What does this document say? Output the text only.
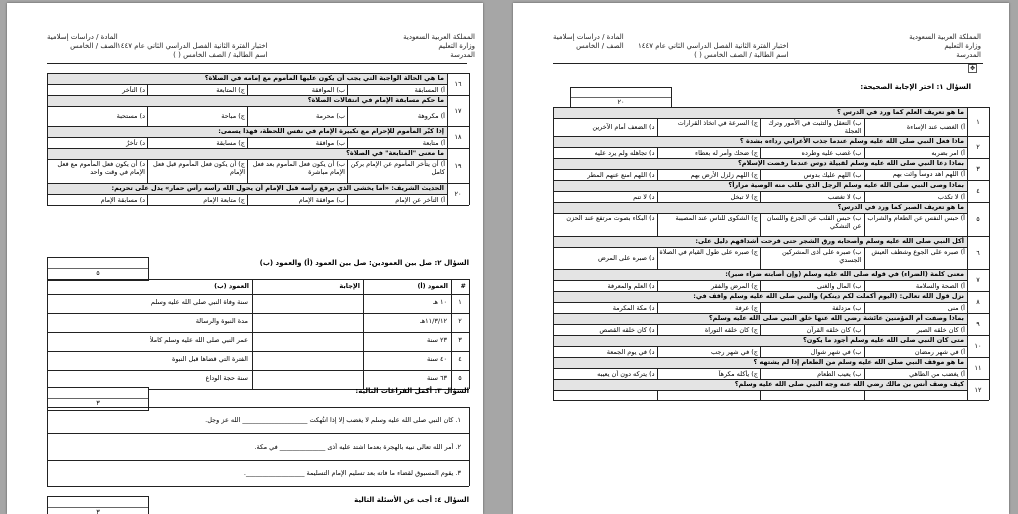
المملكة العربية السعودية
وزارة التعليم
المدرسة
اختبار الفترة الثانية الفصل الدراسي الثاني عام ١٤٤٧
اسم الطالبة / الصف الخامس ( )
المادة / دراسات إسلامية
الصف / الخامس
١٦
ما هي الحالة الواجبة التي يجب أن يكون عليها المأموم مع إمامه في الصلاة؟
أ) المسابقة
ب) الموافقة
ج) المتابعة
د) التأخر
١٧
ما حكم مسابقة الإمام في انتقالات الصلاة؟
أ) مكروهة
ب) محرمة
ج) مباحة
د) مستحبة
١٨
إذا كبّر المأموم للإحرام مع تكبيرة الإمام في نفس اللحظة، فهذا يسمى:
أ) متابعة
ب) موافقة
ج) مسابقة
د) تأخرٌ
١٩
ما معنى "المتابعة" في الصلاة؟
أ) أن يتأخر المأموم عن الإمام بركن كامل
ب) أن يكون فعل المأموم بعد فعل الإمام مباشرة
ج) أن يكون فعل المأموم قبل فعل الإمام
د) أن يكون فعل المأموم مع فعل الإمام في وقت واحد
٢٠
الحديث الشريف: «أما يخشى الذي يرفع رأسه قبل الإمام أن يحول الله رأسه رأس حمار» يدل على تحريم:
أ) التأخر عن الإمام
ب) موافقة الإمام
ج) متابعة الإمام
د) مسابقة الإمام
السؤال ٢: صل بين العمودين: صل بين العمود (أ) والعمود (ب)
٥
#
العمود (أ)
الإجابة
العمود (ب)
١
١٠ هـ
سنة وفاة النبي صلى الله عليه وسلم
٢
١١/٣/١٢هـ
مدة النبوة والرسالة
٣
٢٣ سنة
عمر النبي صلى الله عليه وسلم كاملاً
٤
٤٠ سنة
الفترة التي قضاها قبل النبوة
٥
٦٣ سنة
سنة حجة الوداع
السؤال ٣: أكمل الفراغات التالية:
٣
١. كان النبي صلى الله عليه وسلم لا يغضب إلا إذا انتُهكت ____________________ الله عز وجل.
٢. أمر الله تعالى نبيه بالهجرة بعدما اشتد عليه أذى ______________ في مكة.
٣. يقوم المسبوق لقضاء ما فاته بعد تسليم الإمام التسليمة __________________.
السؤال ٤: أجب عن الأسئلة التالية
٣
المملكة العربية السعودية
وزارة التعليم
المدرسة
اختبار الفترة الثانية الفصل الدراسي الثاني عام ١٤٤٧
اسم الطالبة / الصف الخامس ( )
المادة / دراسات إسلامية
الصف / الخامس
✥
٢٠
السؤال ١: اختر الإجابة الصحيحة:
١
ما هو تعريف العلم كما ورد في الدرس ؟
أ) الغضب عند الإساءة
ب) التعقل والتثبت في الأمور وترك العجلة
ج) السرعة في اتخاذ القرارات
د) الضعف أمام الآخرين
٢
ماذا فعل النبي صلى الله عليه وسلم عندما جذب الأعرابي رداءه بشدة ؟
أ) امر بضربه
ب) غضب عليه وطرده
ج) ضحك وأمر له بعطاء
د) تجاهله ولم يرد عليه
٣
بماذا دعا النبي صلى الله عليه وسلم لقبيلة دوس عندما رفضت الإسلام؟
أ) اللهم اهد دوساً وائت بهم
ب) اللهم عليك بدوس
ج) اللهم زلزل الأرض بهم
د) اللهم امنع عنهم المطر
٤
بماذا وصى النبي صلى الله عليه وسلم الرجل الذي طلب منه الوصية مراراً؟
أ) لا تكذب
ب) لا تغضب
ج) لا تبخل
د) لا تنم
٥
ما هو تعريف الصبر كما ورد في الدرس؟
أ) حبس النفس عن الطعام والشراب
ب) حبس القلب عن الجزع واللسان عن التشكي
ج) الشكوى للناس عند المصيبة
د) البكاء بصوت مرتفع عند الحزن
٦
أكل النبي صلى الله عليه وسلم وأصحابه ورق الشجر حتى قرحت أشداقهم دليل على:
أ) صبره على الجوع وشظف العيش
ب) صبره على أذى المشركين الجسدي
ج) صبره على طول القيام في الصلاة
د) صبره على المرض
٧
معنى كلمة (الضراء) في قوله صلى الله عليه وسلم (وإن أصابته ضراء صبر):
أ) الصحة والسلامة
ب) المال والغنى
ج) المرض والفقر
د) العلم والمعرفة
٨
نزل قول الله تعالى: (اليوم أكملت لكم دينكم) والنبي صلى الله عليه وسلم واقف في:
أ) منى
ب) مزدلفة
ج) عرفة
د) مكة المكرمة
٩
بماذا وصفت أم المؤمنين عائشة رضي الله عنها خلق النبي صلى الله عليه وسلم؟
أ) كان خلقه الصبر
ب) كان خلقه القرآن
ج) كان خلقه التوراة
د) كان خلقه القصص
١٠
متى كان النبي صلى الله عليه وسلم أجود ما يكون؟
أ) في شهر رمضان
ب) في شهر شوال
ج) في شهر رجب
د) في يوم الجمعة
١١
ما هو موقف النبي صلى الله عليه وسلم من الطعام إذا لم يشتهه ؟
أ) يغضب من الطاهي
ب) يعيب الطعام
ج) يأكله مكرهاً
د) يتركه دون أن يعيبه
١٢
كيف وصف أنس بن مالك رضي الله عنه وجه النبي صلى الله عليه وسلم؟
